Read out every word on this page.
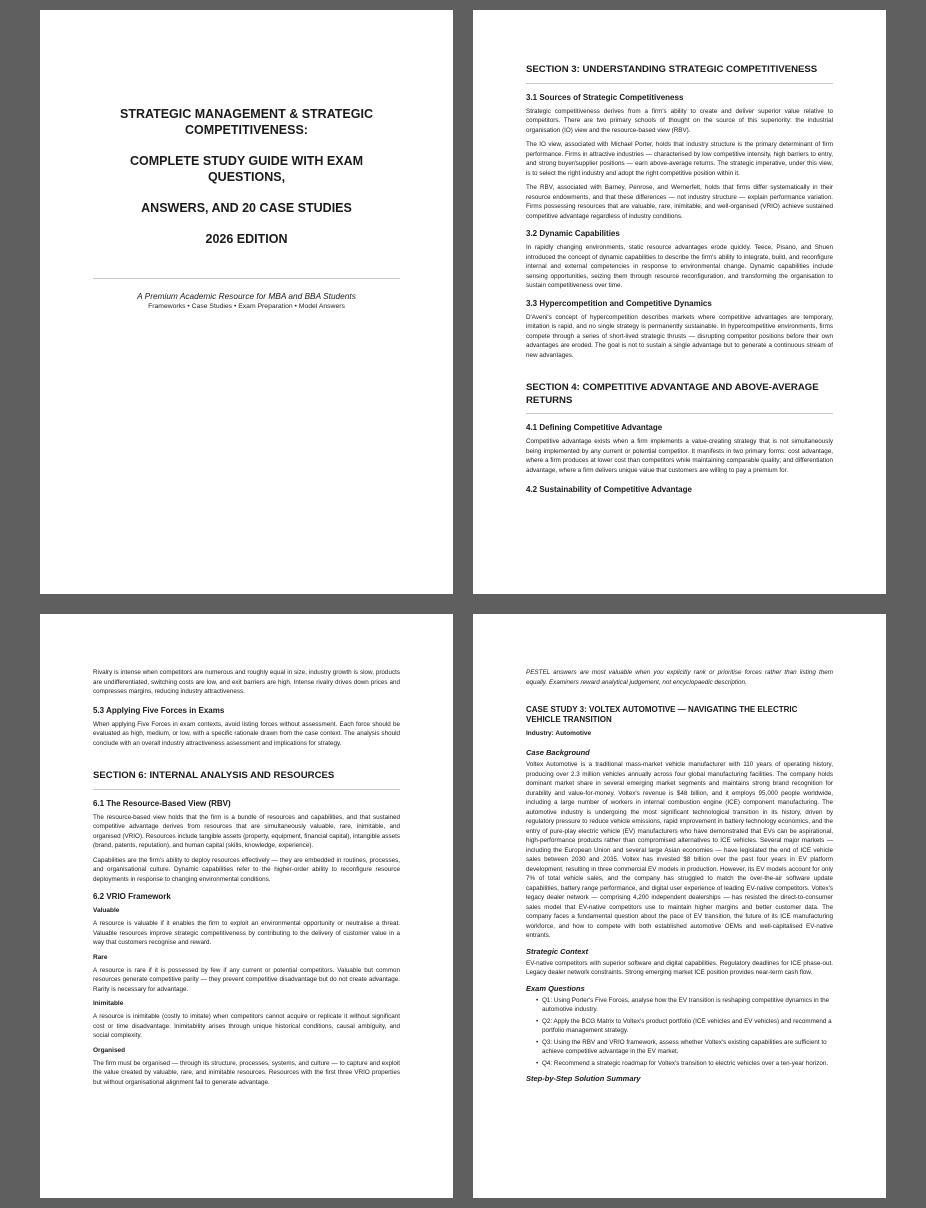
STRATEGIC MANAGEMENT & STRATEGIC
COMPETITIVENESS:
COMPLETE STUDY GUIDE WITH EXAM
QUESTIONS,
ANSWERS, AND 20 CASE STUDIES
2026 EDITION
A Premium Academic Resource for MBA and BBA Students
Frameworks • Case Studies • Exam Preparation • Model Answers
SECTION 3: UNDERSTANDING STRATEGIC COMPETITIVENESS
3.1 Sources of Strategic Competitiveness

Strategic competitiveness derives from a firm's ability to create and deliver superior value relative to competitors. There are two primary schools of thought on the source of this superiority: the industrial organisation (IO) view and the resource-based view (RBV).

The IO view, associated with Michael Porter, holds that industry structure is the primary determinant of firm performance. Firms in attractive industries — characterised by low competitive intensity, high barriers to entry, and strong buyer/supplier positions — earn above-average returns. The strategic imperative, under this view, is to select the right industry and adopt the right competitive position within it.

The RBV, associated with Barney, Penrose, and Wernerfelt, holds that firms differ systematically in their resource endowments, and that these differences — not industry structure — explain performance variation. Firms possessing resources that are valuable, rare, inimitable, and well-organised (VRIO) achieve sustained competitive advantage regardless of industry conditions.

3.2 Dynamic Capabilities

In rapidly changing environments, static resource advantages erode quickly. Teece, Pisano, and Shuen introduced the concept of dynamic capabilities to describe the firm's ability to integrate, build, and reconfigure internal and external competencies in response to environmental change. Dynamic capabilities include sensing opportunities, seizing them through resource reconfiguration, and transforming the organisation to sustain competitiveness over time.

3.3 Hypercompetition and Competitive Dynamics

D'Aveni's concept of hypercompetition describes markets where competitive advantages are temporary, imitation is rapid, and no single strategy is permanently sustainable. In hypercompetitive environments, firms compete through a series of short-lived strategic thrusts — disrupting competitor positions before their own advantages are eroded. The goal is not to sustain a single advantage but to generate a continuous stream of new advantages.

SECTION 4: COMPETITIVE ADVANTAGE AND ABOVE-AVERAGE RETURNS
4.1 Defining Competitive Advantage

Competitive advantage exists when a firm implements a value-creating strategy that is not simultaneously being implemented by any current or potential competitor. It manifests in two primary forms: cost advantage, where a firm produces at lower cost than competitors while maintaining comparable quality; and differentiation advantage, where a firm delivers unique value that customers are willing to pay a premium for.

4.2 Sustainability of Competitive Advantage

Rivalry is intense when competitors are numerous and roughly equal in size, industry growth is slow, products are undifferentiated, switching costs are low, and exit barriers are high. Intense rivalry drives down prices and compresses margins, reducing industry attractiveness.

5.3 Applying Five Forces in Exams

When applying Five Forces in exam contexts, avoid listing forces without assessment. Each force should be evaluated as high, medium, or low, with a specific rationale drawn from the case context. The analysis should conclude with an overall industry attractiveness assessment and implications for strategy.

SECTION 6: INTERNAL ANALYSIS AND RESOURCES
6.1 The Resource-Based View (RBV)

The resource-based view holds that the firm is a bundle of resources and capabilities, and that sustained competitive advantage derives from resources that are simultaneously valuable, rare, inimitable, and organised (VRIO). Resources include tangible assets (property, equipment, financial capital), intangible assets (brand, patents, reputation), and human capital (skills, knowledge, experience).

Capabilities are the firm's ability to deploy resources effectively — they are embedded in routines, processes, and organisational culture. Dynamic capabilities refer to the higher-order ability to reconfigure resource deployments in response to changing environmental conditions.

6.2 VRIO Framework
Valuable

A resource is valuable if it enables the firm to exploit an environmental opportunity or neutralise a threat. Valuable resources improve strategic competitiveness by contributing to the delivery of customer value in a way that customers recognise and reward.

Rare

A resource is rare if it is possessed by few if any current or potential competitors. Valuable but common resources generate competitive parity — they prevent competitive disadvantage but do not create advantage. Rarity is necessary for advantage.

Inimitable

A resource is inimitable (costly to imitate) when competitors cannot acquire or replicate it without significant cost or time disadvantage. Inimitability arises through unique historical conditions, causal ambiguity, and social complexity.

Organised

The firm must be organised — through its structure, processes, systems, and culture — to capture and exploit the value created by valuable, rare, and inimitable resources. Resources with the first three VRIO properties but without organisational alignment fail to generate advantage.

PESTEL answers are most valuable when you explicitly rank or prioritise forces rather than listing them equally. Examiners reward analytical judgement, not encyclopaedic description.

CASE STUDY 3: VOLTEX AUTOMOTIVE — NAVIGATING THE ELECTRIC VEHICLE TRANSITION
Industry: Automotive
Case Background

Voltex Automotive is a traditional mass-market vehicle manufacturer with 110 years of operating history, producing over 2.3 million vehicles annually across four global manufacturing facilities. The company holds dominant market share in several emerging market segments and maintains strong brand recognition for durability and value-for-money. Voltex's revenue is $48 billion, and it employs 95,000 people worldwide, including a large number of workers in internal combustion engine (ICE) component manufacturing. The automotive industry is undergoing the most significant technological transition in its history, driven by regulatory pressure to reduce vehicle emissions, rapid improvement in battery technology economics, and the entry of pure-play electric vehicle (EV) manufacturers who have demonstrated that EVs can be aspirational, high-performance products rather than compromised alternatives to ICE vehicles. Several major markets — including the European Union and several large Asian economies — have legislated the end of ICE vehicle sales between 2030 and 2035. Voltex has invested $8 billion over the past four years in EV platform development, resulting in three commercial EV models in production. However, its EV models account for only 7% of total vehicle sales, and the company has struggled to match the over-the-air software update capabilities, battery range performance, and digital user experience of leading EV-native competitors. Voltex's legacy dealer network — comprising 4,200 independent dealerships — has resisted the direct-to-consumer sales model that EV-native competitors use to maintain higher margins and better customer data. The company faces a fundamental question about the pace of EV transition, the future of its ICE manufacturing workforce, and how to compete with both established automotive OEMs and well-capitalised EV-native entrants.

Strategic Context

EV-native competitors with superior software and digital capabilities. Regulatory deadlines for ICE phase-out. Legacy dealer network constraints. Strong emerging market ICE position provides near-term cash flow.

Exam Questions
• Q1: Using Porter's Five Forces, analyse how the EV transition is reshaping competitive dynamics in the automotive industry.
• Q2: Apply the BCG Matrix to Voltex's product portfolio (ICE vehicles and EV vehicles) and recommend a portfolio management strategy.
• Q3: Using the RBV and VRIO framework, assess whether Voltex's existing capabilities are sufficient to achieve competitive advantage in the EV market.
• Q4: Recommend a strategic roadmap for Voltex's transition to electric vehicles over a ten-year horizon.
Step-by-Step Solution Summary
